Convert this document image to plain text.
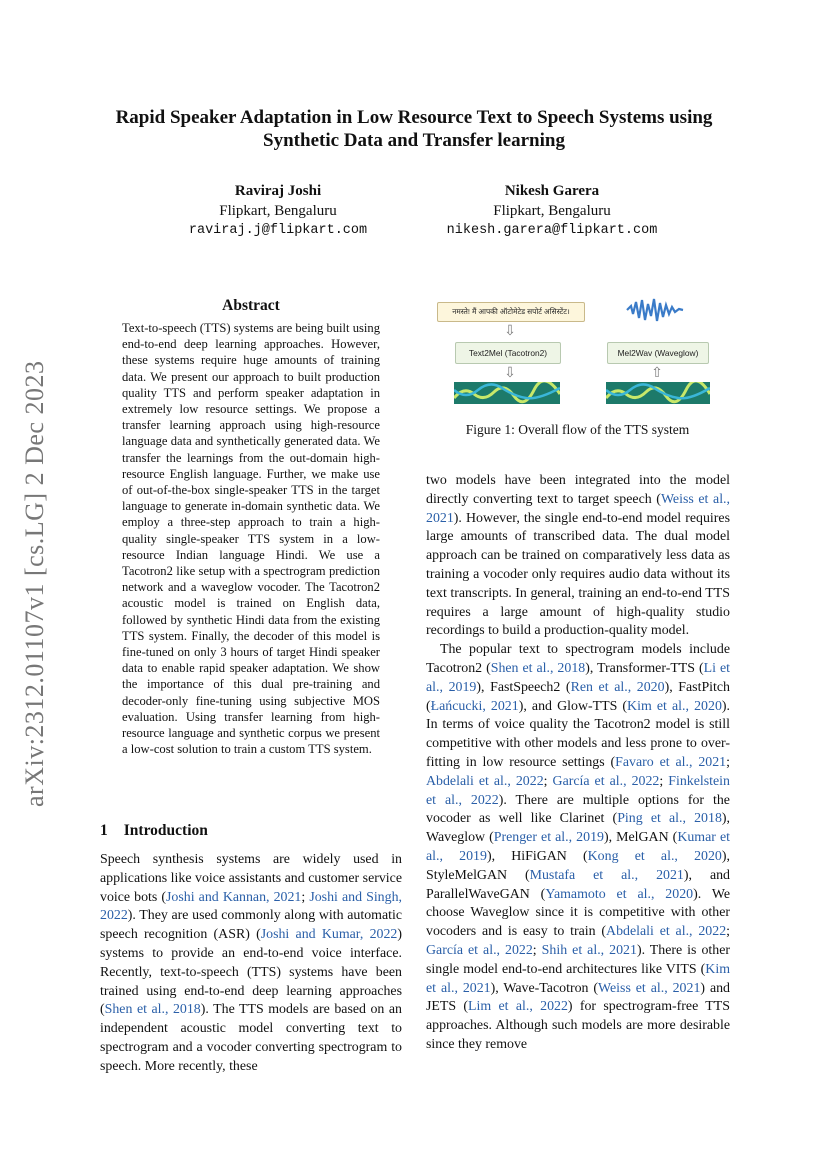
arXiv:2312.01107v1 [cs.LG] 2 Dec 2023
Rapid Speaker Adaptation in Low Resource Text to Speech Systems using Synthetic Data and Transfer learning
Raviraj Joshi
Flipkart, Bengaluru
raviraj.j@flipkart.com
Nikesh Garera
Flipkart, Bengaluru
nikesh.garera@flipkart.com
Abstract
Text-to-speech (TTS) systems are being built using end-to-end deep learning approaches. However, these systems require huge amounts of training data. We present our approach to built production quality TTS and perform speaker adaptation in extremely low resource settings. We propose a transfer learning approach using high-resource language data and synthetically generated data. We transfer the learnings from the out-domain high-resource English language. Further, we make use of out-of-the-box single-speaker TTS in the target language to generate in-domain synthetic data. We employ a three-step approach to train a high-quality single-speaker TTS system in a low-resource Indian language Hindi. We use a Tacotron2 like setup with a spectrogram prediction network and a waveglow vocoder. The Tacotron2 acoustic model is trained on English data, followed by synthetic Hindi data from the existing TTS system. Finally, the decoder of this model is fine-tuned on only 3 hours of target Hindi speaker data to enable rapid speaker adaptation. We show the importance of this dual pre-training and decoder-only fine-tuning using subjective MOS evaluation. Using transfer learning from high-resource language and synthetic corpus we present a low-cost solution to train a custom TTS system.
1 Introduction

Speech synthesis systems are widely used in applications like voice assistants and customer service voice bots (Joshi and Kannan, 2021; Joshi and Singh, 2022). They are used commonly along with automatic speech recognition (ASR) (Joshi and Kumar, 2022) systems to provide an end-to-end voice interface. Recently, text-to-speech (TTS) systems have been trained using end-to-end deep learning approaches (Shen et al., 2018). The TTS models are based on an independent acoustic model converting text to spectrogram and a vocoder converting spectrogram to speech. More recently, these

two models have been integrated into the model directly converting text to target speech (Weiss et al., 2021). However, the single end-to-end model requires large amounts of transcribed data. The dual model approach can be trained on comparatively less data as training a vocoder only requires audio data without its text transcripts. In general, training an end-to-end TTS requires a large amount of high-quality studio recordings to build a production-quality model.

The popular text to spectrogram models include Tacotron2 (Shen et al., 2018), Transformer-TTS (Li et al., 2019), FastSpeech2 (Ren et al., 2020), FastPitch (Łańcucki, 2021), and Glow-TTS (Kim et al., 2020). In terms of voice quality the Tacotron2 model is still competitive with other models and less prone to over-fitting in low resource settings (Favaro et al., 2021; Abdelali et al., 2022; García et al., 2022; Finkelstein et al., 2022). There are multiple options for the vocoder as well like Clarinet (Ping et al., 2018), Waveglow (Prenger et al., 2019), MelGAN (Kumar et al., 2019), HiFiGAN (Kong et al., 2020), StyleMelGAN (Mustafa et al., 2021), and ParallelWaveGAN (Yamamoto et al., 2020). We choose Waveglow since it is competitive with other vocoders and is easy to train (Abdelali et al., 2022; García et al., 2022; Shih et al., 2021). There is other single model end-to-end architectures like VITS (Kim et al., 2021), Wave-Tacotron (Weiss et al., 2021) and JETS (Lim et al., 2022) for spectrogram-free TTS approaches. Although such models are more desirable since they remove

नमस्ते! मैं आपकी ऑटोमेटेड सपोर्ट असिस्टेंट।
⇩
Text2Mel (Tacotron2)
⇩
Mel2Wav (Waveglow)
⇧
Figure 1: Overall flow of the TTS system
